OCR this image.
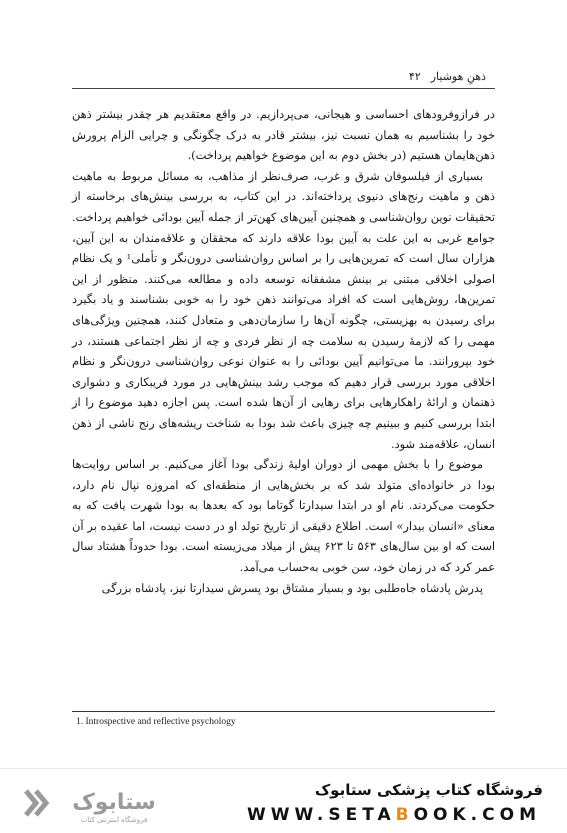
ذهنِ هوشیار
۴۲

در فرازوفرودهای احساسی و هیجانی، می‌پردازیم. در واقع معتقدیم هر چقدر بیشتر ذهن خود را بشناسیم به همان نسبت نیز، بیشتر قادر به درک چگونگی و چرایی الزام پرورش ذهن‌هایمان هستیم (در بخش دوم به این موضوع خواهیم پرداخت).

بسیاری از فیلسوفان شرق و غرب، صرف‌نظر از مذاهب، به مسائل مربوط به ماهیت ذهن و ماهیت رنج‌های دنیوی پرداخته‌اند. در این کتاب، به بررسی بینش‌های برخاسته از تحقیقات نوین روان‌شناسی و همچنین آیین‌های کهن‌تر از جمله آیین بودائی خواهیم پرداخت. جوامع غربی به این علت به آیین بودا علاقه دارند که محققان و علاقه‌مندان به این آیین، هزاران سال است که تمرین‌هایی را بر اساس روان‌شناسی درون‌نگر و تأملی¹ و یک نظام اصولی اخلاقی مبتنی بر بینش مشفقانه توسعه داده و مطالعه می‌کنند. منظور از این تمرین‌ها، روش‌هایی است که افراد می‌توانند ذهن خود را به خوبی بشناسند و یاد بگیرد برای رسیدن به بهزیستی، چگونه آن‌ها را سازمان‌دهی و متعادل کنند، همچنین ویژگی‌های مهمی را که لازمهٔ رسیدن به سلامت چه از نظر فردی و چه از نظر اجتماعی هستند، در خود بپرورانند. ما می‌توانیم آیین بودائی را به عنوان نوعی روان‌شناسی درون‌نگر و نظام اخلاقی مورد بررسی قرار دهیم که موجب رشد بینش‌هایی در مورد فریبکاری و دشواری ذهنمان و ارائهٔ راهکارهایی برای رهایی از آن‌ها شده است. پس اجازه دهید موضوع را از ابتدا بررسی کنیم و ببینیم چه چیزی باعث شد بودا به شناخت ریشه‌های رنج ناشی از ذهن انسان، علاقه‌مند شود.

موضوع را با بخش مهمی از دوران اولیهٔ زندگی بودا آغاز می‌کنیم. بر اساس روایت‌ها بودا در خانواده‌ای متولد شد که بر بخش‌هایی از منطقه‌ای که امروزه نپال نام دارد، حکومت می‌کردند. نام او در ابتدا سیدارتا گوتاما بود که بعدها به بودا شهرت یافت که به معنای «انسان بیدار» است. اطلاع دقیقی از تاریخ تولد او در دست نیست، اما عقیده بر آن است که او بین سال‌های ۵۶۳ تا ۶۲۳ پیش از میلاد می‌زیسته است. بودا حدوداً هشتاد سال عمر کرد که در زمان خود، سن خوبی به‌حساب می‌آمد.

پدرش پادشاه جاه‌طلبی بود و بسیار مشتاق بود پسرش سیدارتا نیز، پادشاه بزرگی

1. Introspective and reflective psychology
ستابوک
فروشگاه اینترنتی کتاب
فروشگاه کتاب پزشکی ستابوک
WWW.SETABOOK.COM
